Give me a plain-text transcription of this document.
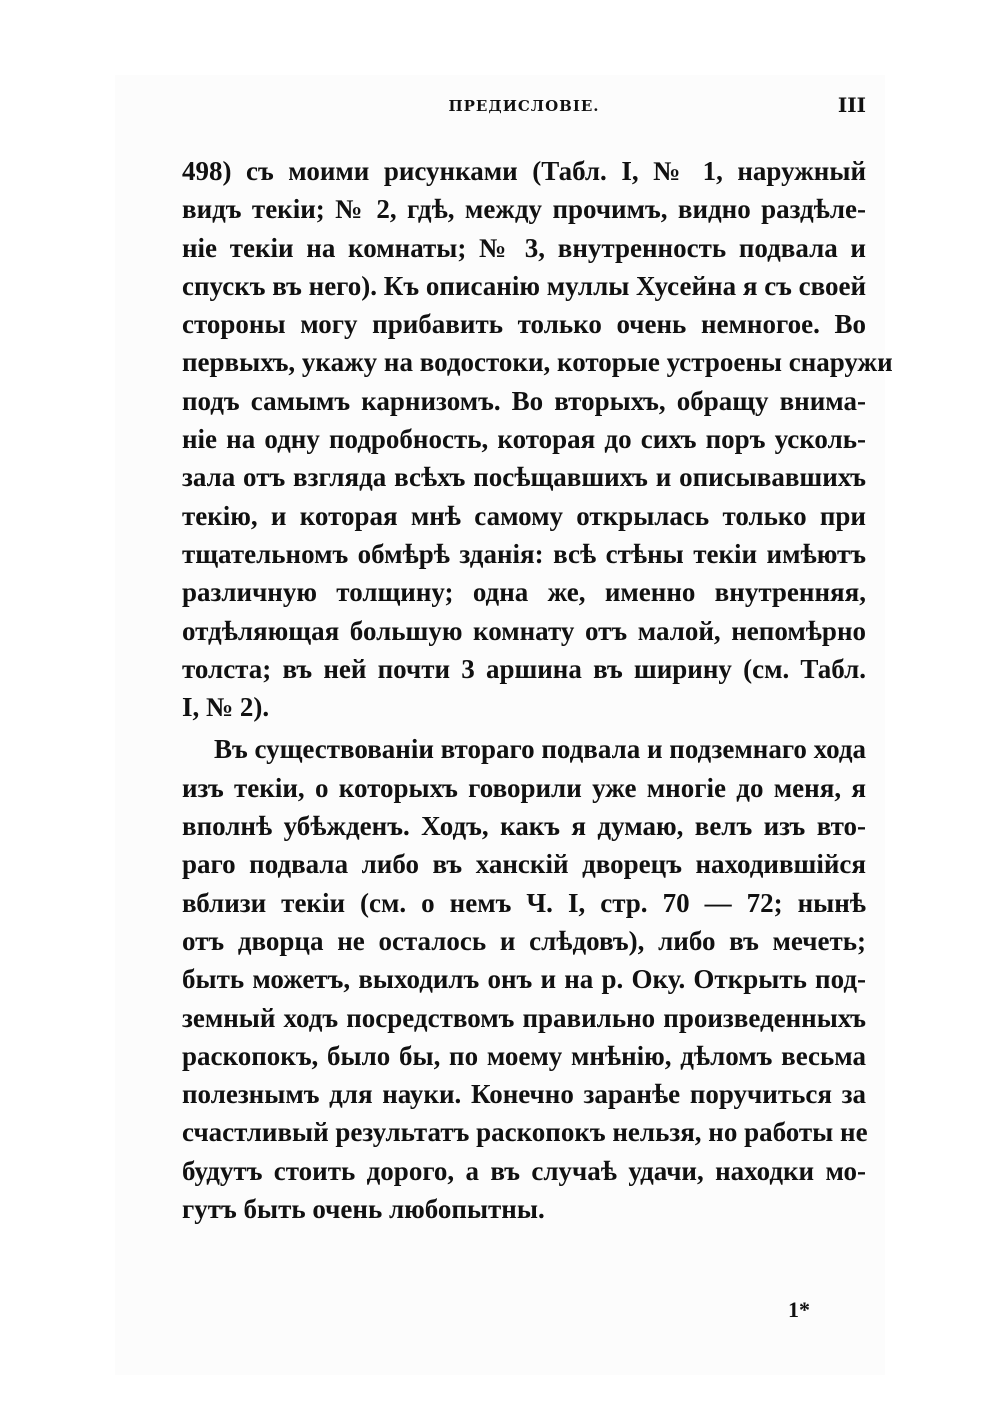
ПРЕДИСЛОВІЕ.	III
498) съ моими рисунками (Табл. I, № 1, наружный
видъ текіи; № 2, гдѣ, между прочимъ, видно раздѣле-
ніе текіи на комнаты; № 3, внутренность подвала и
спускъ въ него). Къ описанію муллы Хусейна я съ своей
стороны могу прибавить только очень немногое. Во
первыхъ, укажу на водостоки, которые устроены снаружи
подъ самымъ карнизомъ. Во вторыхъ, обращу внима-
ніе на одну подробность, которая до сихъ поръ усколь-
зала отъ взгляда всѣхъ посѣщавшихъ и описывавшихъ
текію, и которая мнѣ самому открылась только при
тщательномъ обмѣрѣ зданія: всѣ стѣны текіи имѣютъ
различную толщину; одна же, именно внутренняя,
отдѣляющая большую комнату отъ малой, непомѣрно
толста; въ ней почти 3 аршина въ ширину (см. Табл.
I, № 2).
Въ существованіи втораго подвала и подземнаго хода
изъ текіи, о которыхъ говорили уже многіе до меня, я
вполнѣ убѣжденъ. Ходъ, какъ я думаю, велъ изъ вто-
раго подвала либо въ ханскій дворецъ находившійся
вблизи текіи (см. о немъ Ч. I, стр. 70 — 72; нынѣ
отъ дворца не осталось и слѣдовъ), либо въ мечеть;
быть можетъ, выходилъ онъ и на р. Оку. Открыть под-
земный ходъ посредствомъ правильно произведенныхъ
раскопокъ, было бы, по моему мнѣнію, дѣломъ весьма
полезнымъ для науки. Конечно заранѣе поручиться за
счастливый результатъ раскопокъ нельзя, но работы не
будутъ стоить дорого, а въ случаѣ удачи, находки мо-
гутъ быть очень любопытны.
1*
